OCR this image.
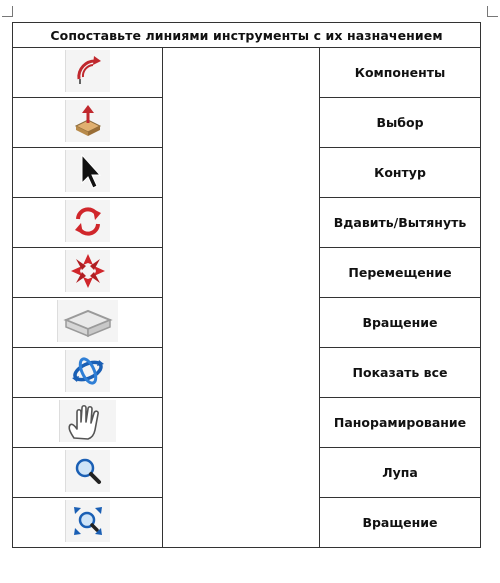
Сопоставьте линиями инструменты с их назначением		

		Компоненты

		Выбор

		Контур

		Вдавить/Вытянуть

		Перемещение

		Вращение

		Показать все

		Панорамирование

		Лупа

		Вращение
